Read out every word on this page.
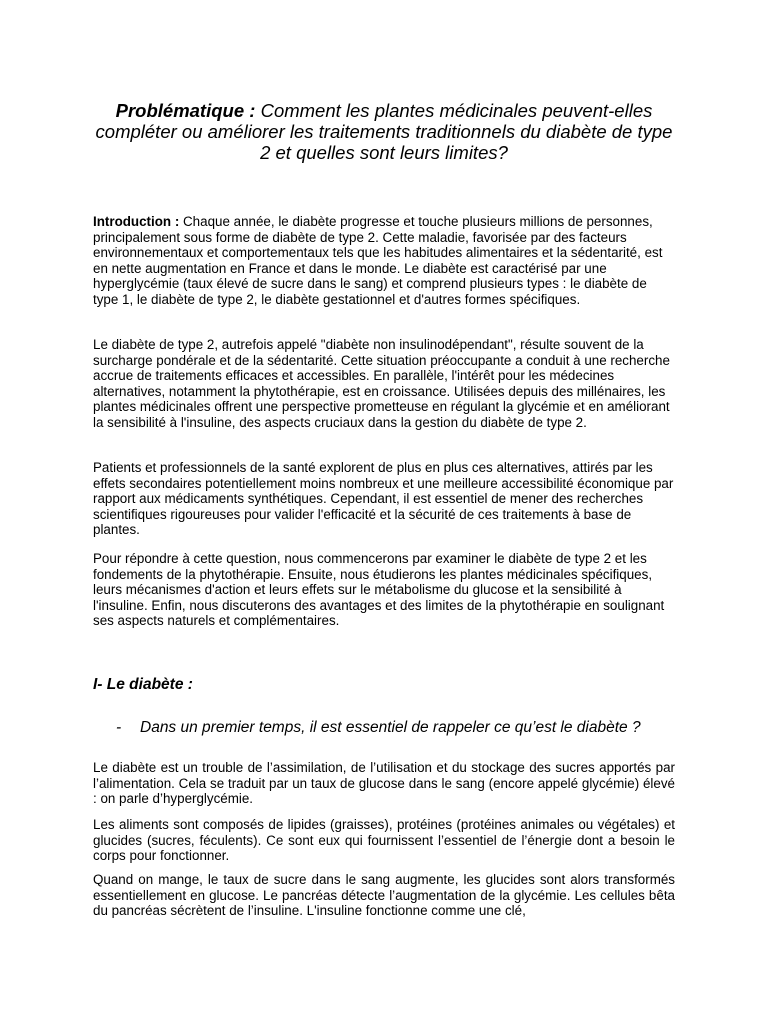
Problématique : Comment les plantes médicinales peuvent-elles compléter ou améliorer les traitements traditionnels du diabète de type 2 et quelles sont leurs limites?

Introduction : Chaque année, le diabète progresse et touche plusieurs millions de personnes, principalement sous forme de diabète de type 2. Cette maladie, favorisée par des facteurs environnementaux et comportementaux tels que les habitudes alimentaires et la sédentarité, est en nette augmentation en France et dans le monde. Le diabète est caractérisé par une hyperglycémie (taux élevé de sucre dans le sang) et comprend plusieurs types : le diabète de type 1, le diabète de type 2, le diabète gestationnel et d'autres formes spécifiques.

Le diabète de type 2, autrefois appelé "diabète non insulinodépendant", résulte souvent de la surcharge pondérale et de la sédentarité. Cette situation préoccupante a conduit à une recherche accrue de traitements efficaces et accessibles. En parallèle, l'intérêt pour les médecines alternatives, notamment la phytothérapie, est en croissance. Utilisées depuis des millénaires, les plantes médicinales offrent une perspective prometteuse en régulant la glycémie et en améliorant la sensibilité à l'insuline, des aspects cruciaux dans la gestion du diabète de type 2.

Patients et professionnels de la santé explorent de plus en plus ces alternatives, attirés par les effets secondaires potentiellement moins nombreux et une meilleure accessibilité économique par rapport aux médicaments synthétiques. Cependant, il est essentiel de mener des recherches scientifiques rigoureuses pour valider l'efficacité et la sécurité de ces traitements à base de plantes.

Pour répondre à cette question, nous commencerons par examiner le diabète de type 2 et les fondements de la phytothérapie. Ensuite, nous étudierons les plantes médicinales spécifiques, leurs mécanismes d'action et leurs effets sur le métabolisme du glucose et la sensibilité à l'insuline. Enfin, nous discuterons des avantages et des limites de la phytothérapie en soulignant ses aspects naturels et complémentaires.

I- Le diabète :

- Dans un premier temps, il est essentiel de rappeler ce qu’est le diabète ?

Le diabète est un trouble de l’assimilation, de l’utilisation et du stockage des sucres apportés par l’alimentation. Cela se traduit par un taux de glucose dans le sang (encore appelé glycémie) élevé : on parle d’hyperglycémie.

Les aliments sont composés de lipides (graisses), protéines (protéines animales ou végétales) et glucides (sucres, féculents). Ce sont eux qui fournissent l’essentiel de l’énergie dont a besoin le corps pour fonctionner.

Quand on mange, le taux de sucre dans le sang augmente, les glucides sont alors transformés essentiellement en glucose. Le pancréas détecte l’augmentation de la glycémie. Les cellules bêta du pancréas sécrètent de l’insuline. L'insuline fonctionne comme une clé,
